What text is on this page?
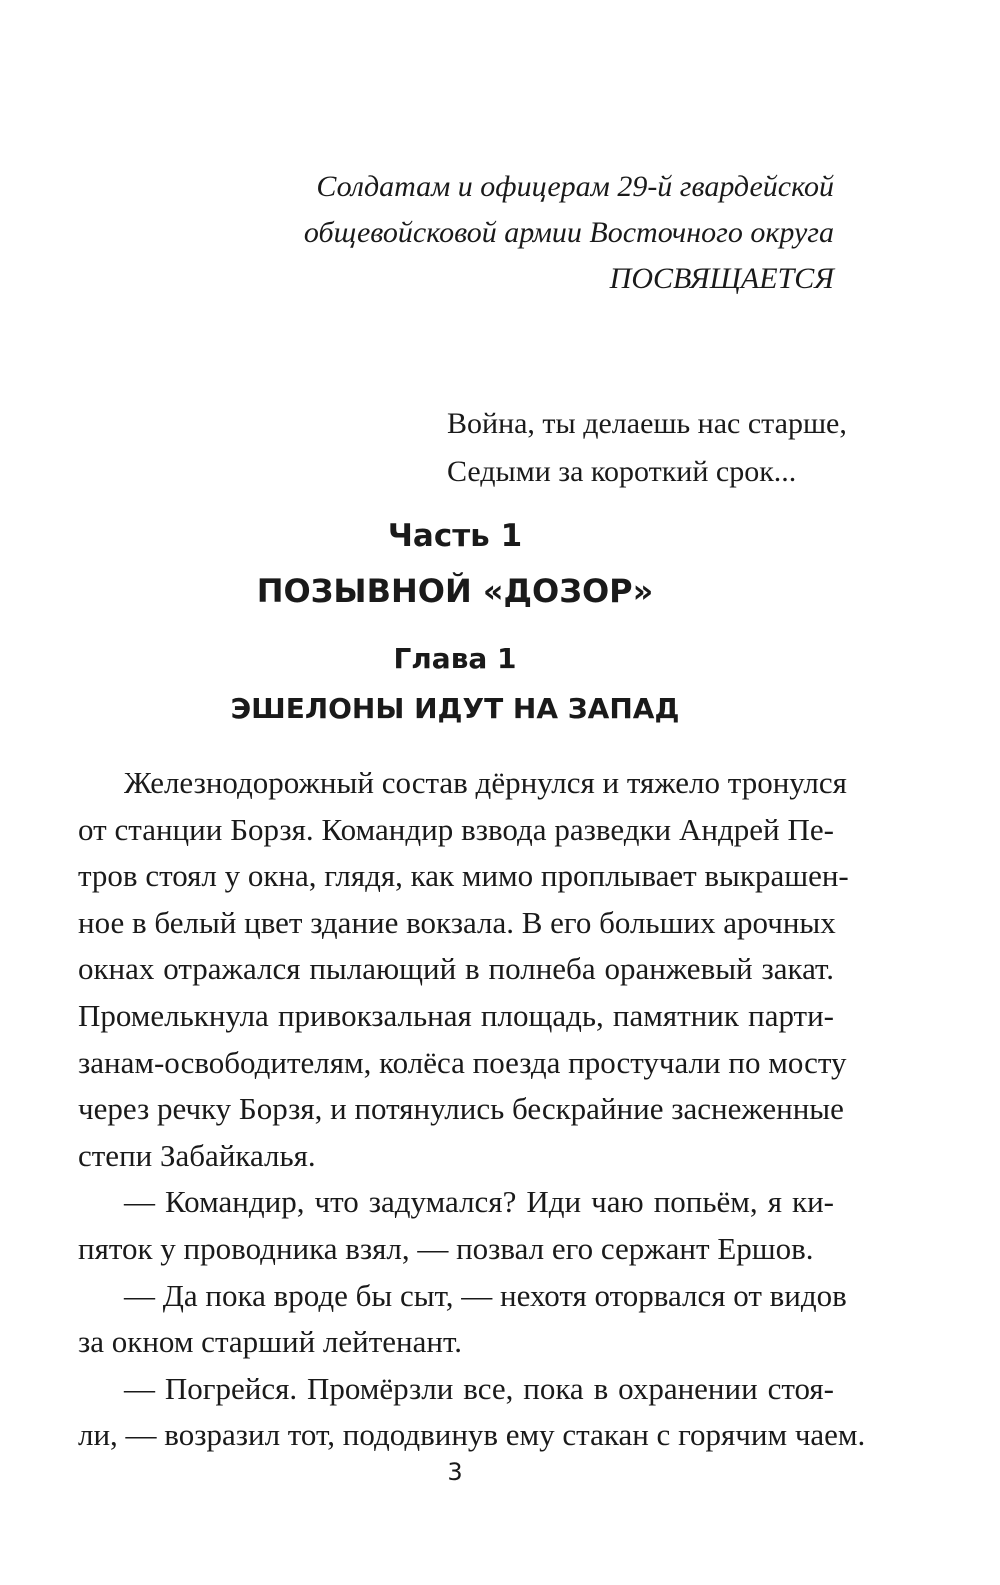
Солдатам и офицерам 29-й гвардейской
общевойсковой армии Восточного округа
ПОСВЯЩАЕТСЯ
Война, ты делаешь нас старше,
Седыми за короткий срок...
Часть 1
ПОЗЫВНОЙ «ДОЗОР»
Глава 1
ЭШЕЛОНЫ ИДУТ НА ЗАПАД
Железнодорожный состав дёрнулся и тяжело тронулся
от станции Борзя. Командир взвода разведки Андрей Пе-
тров стоял у окна, глядя, как мимо проплывает выкрашен-
ное в белый цвет здание вокзала. В его больших арочных
окнах отражался пылающий в полнеба оранжевый закат.
Промелькнула привокзальная площадь, памятник парти-
занам-освободителям, колёса поезда простучали по мосту
через речку Борзя, и потянулись бескрайние заснеженные
степи Забайкалья.
— Командир, что задумался? Иди чаю попьём, я ки-
пяток у проводника взял, — позвал его сержант Ершов.
— Да пока вроде бы сыт, — нехотя оторвался от видов
за окном старший лейтенант.
— Погрейся. Промёрзли все, пока в охранении стоя-
ли, — возразил тот, пододвинув ему стакан с горячим чаем.
3
